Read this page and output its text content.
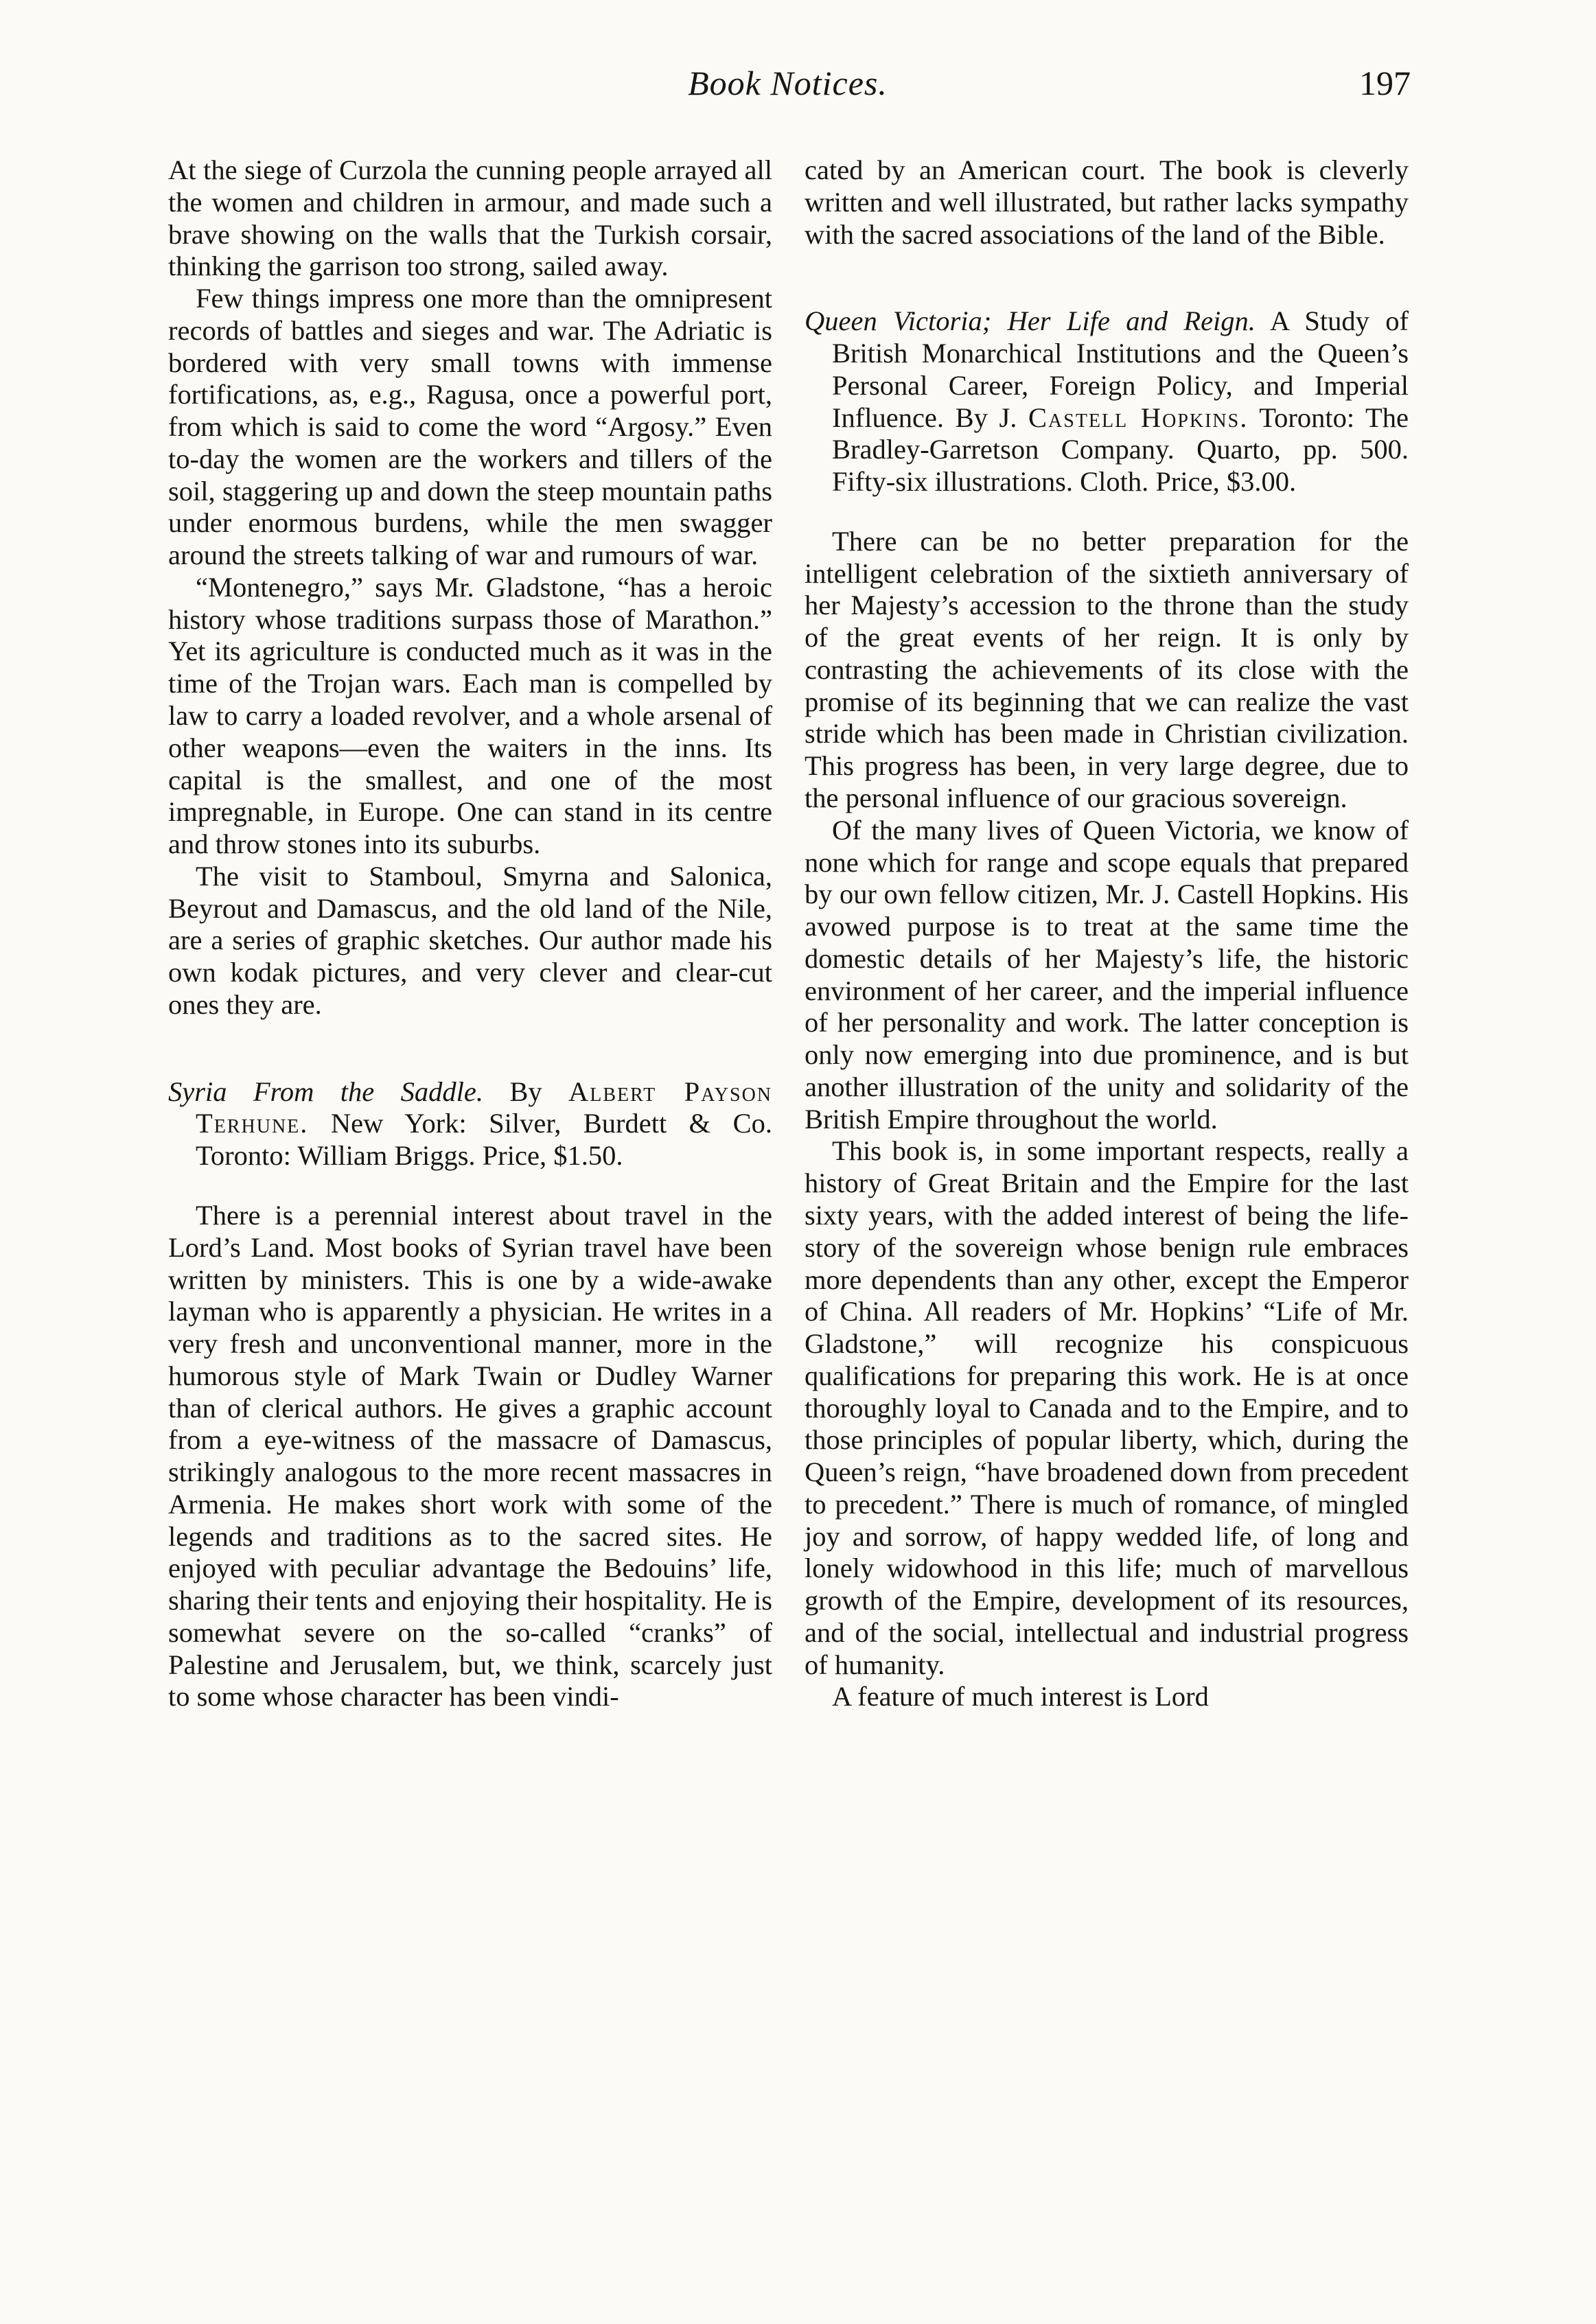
Book Notices.	197

At the siege of Curzola the cunning people arrayed all the women and children in armour, and made such a brave showing on the walls that the Turkish corsair, thinking the garrison too strong, sailed away.

Few things impress one more than the omnipresent records of battles and sieges and war. The Adriatic is bordered with very small towns with immense fortifications, as, e.g., Ragusa, once a powerful port, from which is said to come the word “Argosy.” Even to-day the women are the workers and tillers of the soil, staggering up and down the steep mountain paths under enormous burdens, while the men swagger around the streets talking of war and rumours of war.

“Montenegro,” says Mr. Gladstone, “has a heroic history whose traditions surpass those of Marathon.” Yet its agriculture is conducted much as it was in the time of the Trojan wars. Each man is compelled by law to carry a loaded revolver, and a whole arsenal of other weapons—even the waiters in the inns. Its capital is the smallest, and one of the most impregnable, in Europe. One can stand in its centre and throw stones into its suburbs.

The visit to Stamboul, Smyrna and Salonica, Beyrout and Damascus, and the old land of the Nile, are a series of graphic sketches. Our author made his own kodak pictures, and very clever and clear-cut ones they are.

Syria From the Saddle. By Albert Payson Terhune. New York: Silver, Burdett & Co. Toronto: William Briggs. Price, $1.50.

There is a perennial interest about travel in the Lord’s Land. Most books of Syrian travel have been written by ministers. This is one by a wide-awake layman who is apparently a physician. He writes in a very fresh and unconventional manner, more in the humorous style of Mark Twain or Dudley Warner than of clerical authors. He gives a graphic account from a eye-witness of the massacre of Damascus, strikingly analogous to the more recent massacres in Armenia. He makes short work with some of the legends and traditions as to the sacred sites. He enjoyed with peculiar advantage the Bedouins’ life, sharing their tents and enjoying their hospitality. He is somewhat severe on the so-called “cranks” of Palestine and Jerusalem, but, we think, scarcely just to some whose character has been vindi-

cated by an American court. The book is cleverly written and well illustrated, but rather lacks sympathy with the sacred associations of the land of the Bible.

Queen Victoria; Her Life and Reign. A Study of British Monarchical Institutions and the Queen’s Personal Career, Foreign Policy, and Imperial Influence. By J. Castell Hopkins. Toronto: The Bradley-Garretson Company. Quarto, pp. 500. Fifty-six illustrations. Cloth. Price, $3.00.

There can be no better preparation for the intelligent celebration of the sixtieth anniversary of her Majesty’s accession to the throne than the study of the great events of her reign. It is only by contrasting the achievements of its close with the promise of its beginning that we can realize the vast stride which has been made in Christian civilization. This progress has been, in very large degree, due to the personal influence of our gracious sovereign.

Of the many lives of Queen Victoria, we know of none which for range and scope equals that prepared by our own fellow citizen, Mr. J. Castell Hopkins. His avowed purpose is to treat at the same time the domestic details of her Majesty’s life, the historic environment of her career, and the imperial influence of her personality and work. The latter conception is only now emerging into due prominence, and is but another illustration of the unity and solidarity of the British Empire throughout the world.

This book is, in some important respects, really a history of Great Britain and the Empire for the last sixty years, with the added interest of being the life-story of the sovereign whose benign rule embraces more dependents than any other, except the Emperor of China. All readers of Mr. Hopkins’ “Life of Mr. Gladstone,” will recognize his conspicuous qualifications for preparing this work. He is at once thoroughly loyal to Canada and to the Empire, and to those principles of popular liberty, which, during the Queen’s reign, “have broadened down from precedent to precedent.” There is much of romance, of mingled joy and sorrow, of happy wedded life, of long and lonely widowhood in this life; much of marvellous growth of the Empire, development of its resources, and of the social, intellectual and industrial progress of humanity.

A feature of much interest is Lord
